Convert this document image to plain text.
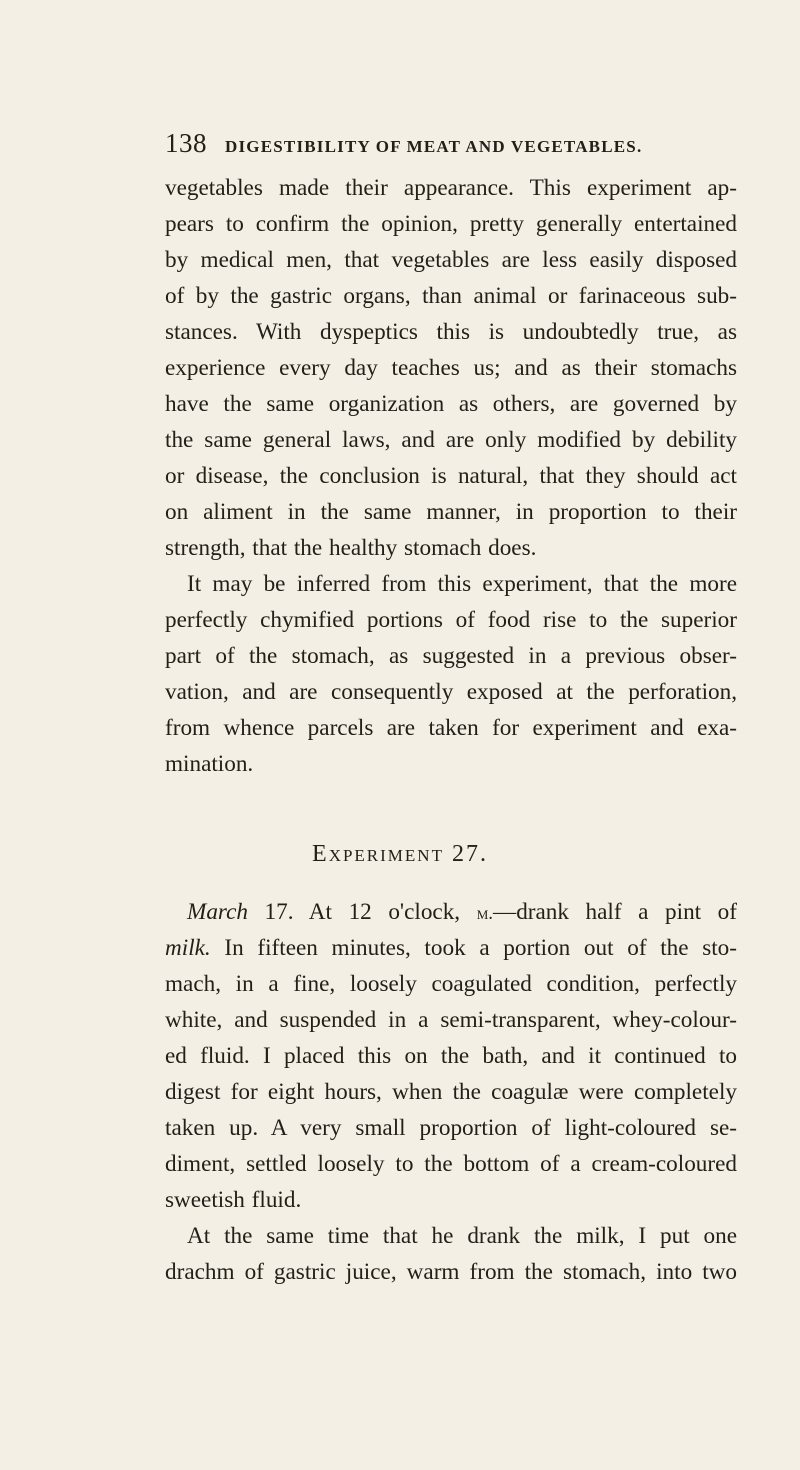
138 DIGESTIBILITY OF MEAT AND VEGETABLES.
vegetables made their appearance. This experiment ap-
pears to confirm the opinion, pretty generally entertained
by medical men, that vegetables are less easily disposed
of by the gastric organs, than animal or farinaceous sub-
stances. With dyspeptics this is undoubtedly true, as
experience every day teaches us; and as their stomachs
have the same organization as others, are governed by
the same general laws, and are only modified by debility
or disease, the conclusion is natural, that they should act
on aliment in the same manner, in proportion to their
strength, that the healthy stomach does.
It may be inferred from this experiment, that the more
perfectly chymified portions of food rise to the superior
part of the stomach, as suggested in a previous obser-
vation, and are consequently exposed at the perforation,
from whence parcels are taken for experiment and exa-
mination.
Experiment 27.
March 17. At 12 o'clock, m.—drank half a pint of
milk. In fifteen minutes, took a portion out of the sto-
mach, in a fine, loosely coagulated condition, perfectly
white, and suspended in a semi-transparent, whey-colour-
ed fluid. I placed this on the bath, and it continued to
digest for eight hours, when the coagulæ were completely
taken up. A very small proportion of light-coloured se-
diment, settled loosely to the bottom of a cream-coloured
sweetish fluid.
At the same time that he drank the milk, I put one
drachm of gastric juice, warm from the stomach, into two
